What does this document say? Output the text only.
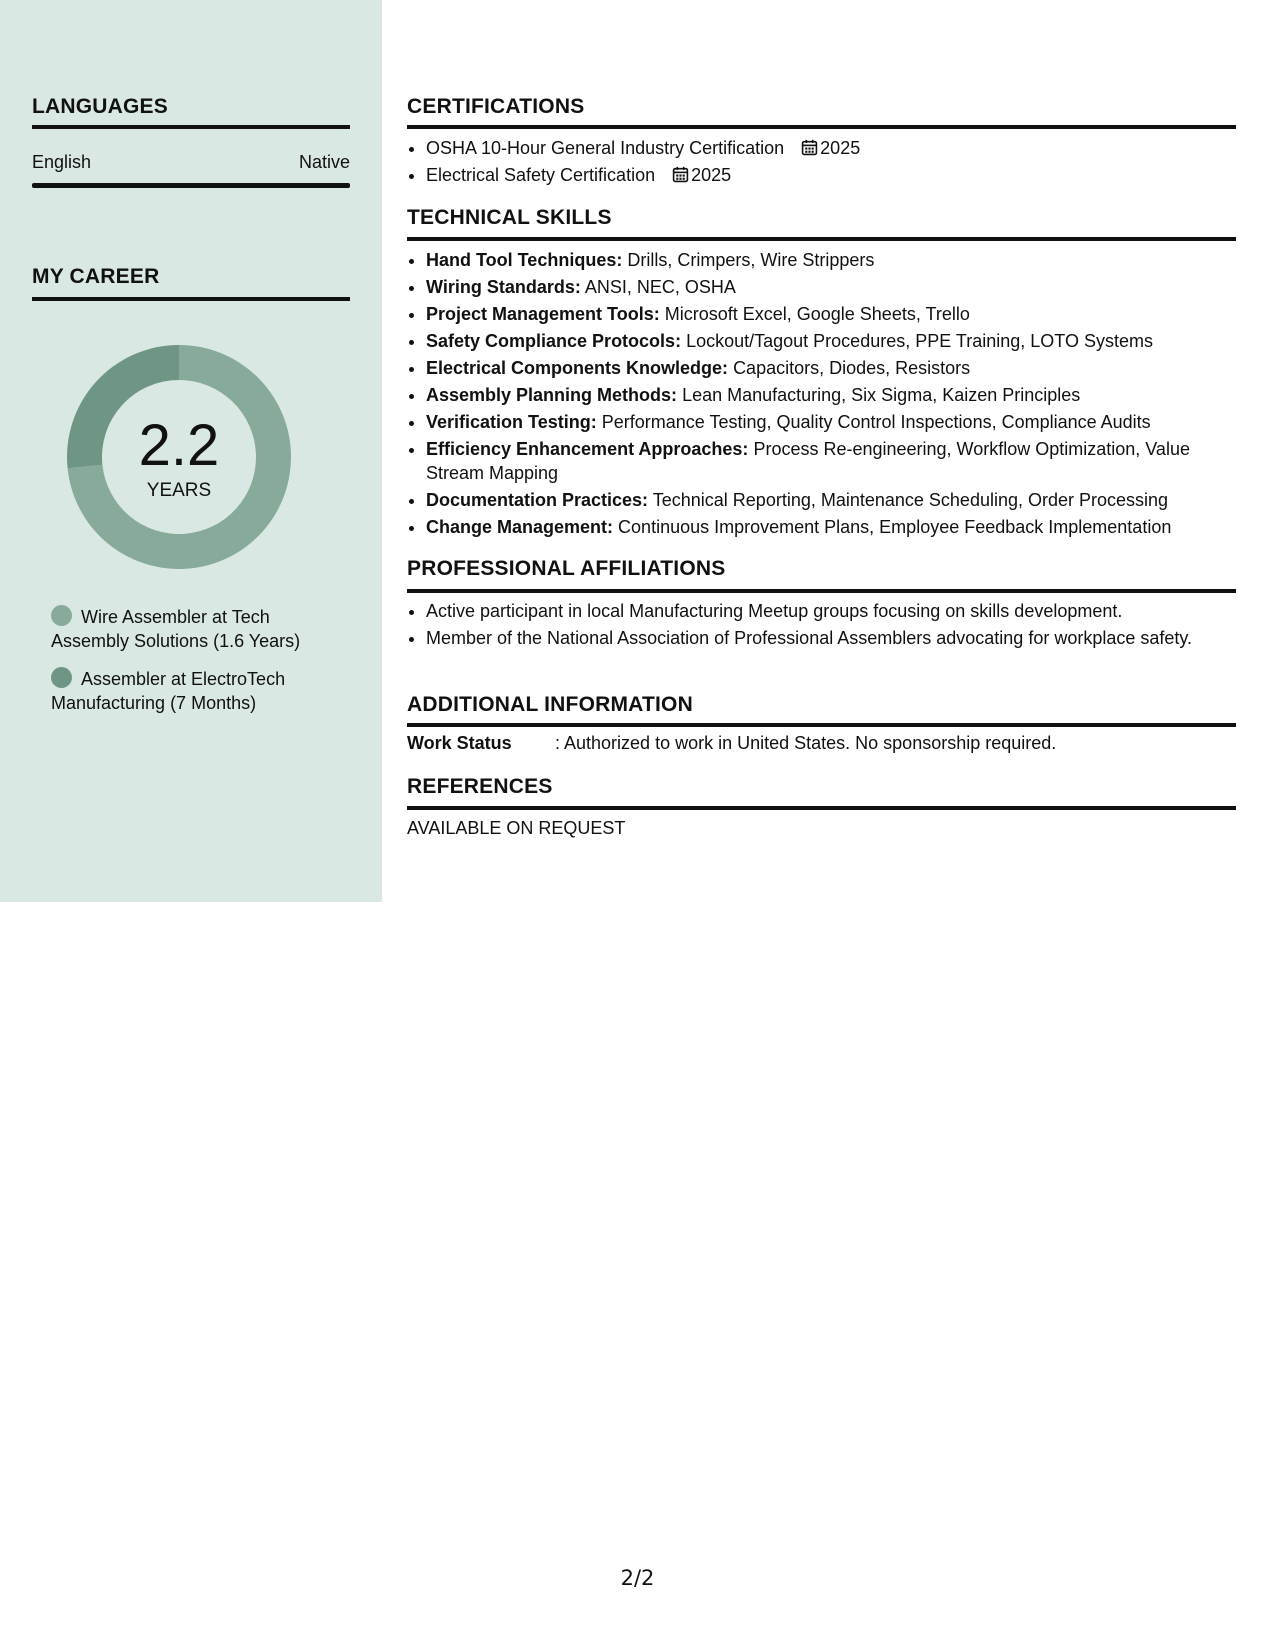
LANGUAGES
English	Native
MY CAREER
2.2
YEARS
Wire Assembler at Tech Assembly Solutions (1.6 Years)
Assembler at ElectroTech Manufacturing (7 Months)
CERTIFICATIONS
• OSHA 10-Hour General Industry Certification 2025
• Electrical Safety Certification 2025
TECHNICAL SKILLS
• Hand Tool Techniques: Drills, Crimpers, Wire Strippers
• Wiring Standards: ANSI, NEC, OSHA
• Project Management Tools: Microsoft Excel, Google Sheets, Trello
• Safety Compliance Protocols: Lockout/Tagout Procedures, PPE Training, LOTO Systems
• Electrical Components Knowledge: Capacitors, Diodes, Resistors
• Assembly Planning Methods: Lean Manufacturing, Six Sigma, Kaizen Principles
• Verification Testing: Performance Testing, Quality Control Inspections, Compliance Audits
• Efficiency Enhancement Approaches: Process Re-engineering, Workflow Optimization, Value Stream Mapping
• Documentation Practices: Technical Reporting, Maintenance Scheduling, Order Processing
• Change Management: Continuous Improvement Plans, Employee Feedback Implementation
PROFESSIONAL AFFILIATIONS
• Active participant in local Manufacturing Meetup groups focusing on skills development.
• Member of the National Association of Professional Assemblers advocating for workplace safety.
ADDITIONAL INFORMATION
Work Status : Authorized to work in United States. No sponsorship required.
REFERENCES
AVAILABLE ON REQUEST
2/2
